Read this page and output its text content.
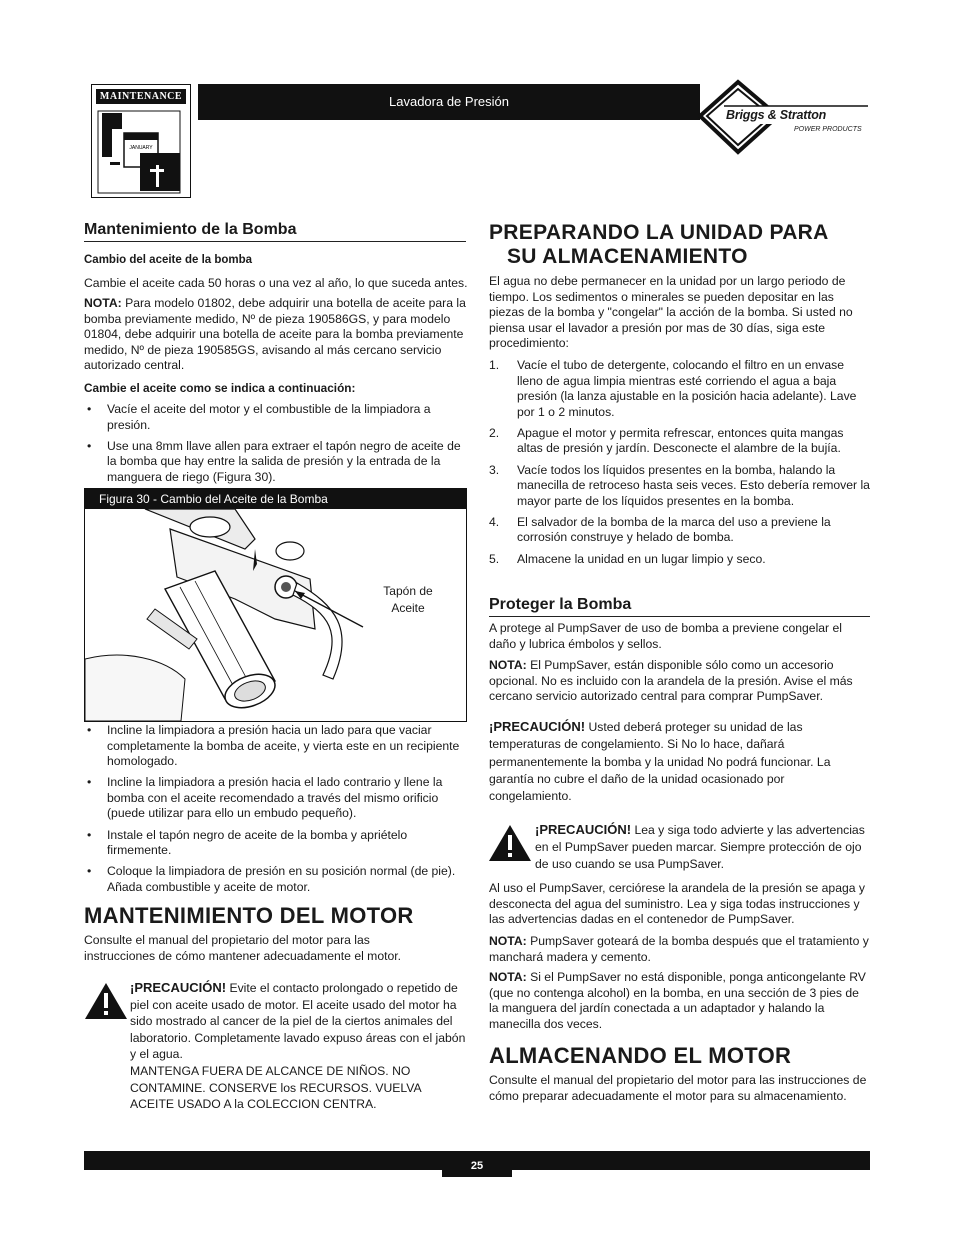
MAINTENANCE
JANUARY
Lavadora de Presión
Briggs & Stratton
POWER PRODUCTS
Mantenimiento de la Bomba
Cambio del aceite de la bomba

Cambie el aceite cada 50 horas o una vez al año, lo que suceda antes.

NOTA: Para modelo 01802, debe adquirir una botella de aceite para la bomba previamente medido, Nº de pieza 190586GS, y para modelo 01804, debe adquirir una botella de aceite para la bomba previamente medido, Nº de pieza 190585GS, avisando al más cercano servicio autorizado central.

Cambie el aceite como se indica a continuación:
• Vacíe el aceite del motor y el combustible de la limpiadora a presión.
• Use una 8mm llave allen para extraer el tapón negro de aceite de la bomba que hay entre la salida de presión y la entrada de la manguera de riego (Figura 30).
Figura 30 - Cambio del Aceite de la Bomba
Tapón de
Aceite
• Incline la limpiadora a presión hacia un lado para que vaciar completamente la bomba de aceite, y vierta este en un recipiente homologado.
• Incline la limpiadora a presión hacia el lado contrario y llene la bomba con el aceite recomendado a través del mismo orificio (puede utilizar para ello un embudo pequeño).
• Instale el tapón negro de aceite de la bomba y apriételo firmemente.
• Coloque la limpiadora de presión en su posición normal (de pie). Añada combustible y aceite de motor.
MANTENIMIENTO DEL MOTOR

Consulte el manual del propietario del motor para las instrucciones de cómo mantener adecuadamente el motor.

¡PRECAUCIÓN! Evite el contacto prolongado o repetido de piel con aceite usado de motor. El aceite usado del motor ha sido mostrado al cancer de la piel de la ciertos animales del laboratorio. Completamente lavado expuso áreas con el jabón y el agua.
MANTENGA FUERA DE ALCANCE DE NIÑOS. NO CONTAMINE. CONSERVE los RECURSOS. VUELVA ACEITE USADO A la COLECCION CENTRA.

PREPARANDO LA UNIDAD PARA
SU ALMACENAMIENTO

El agua no debe permanecer en la unidad por un largo periodo de tiempo. Los sedimentos o minerales se pueden depositar en las piezas de la bomba y "congelar" la acción de la bomba. Si usted no piensa usar el lavador a presión por mas de 30 días, siga este procedimiento:

1. Vacíe el tubo de detergente, colocando el filtro en un envase lleno de agua limpia mientras esté corriendo el agua a baja presión (la lanza ajustable en la posición hacia adelante). Lave por 1 o 2 minutos.
2. Apague el motor y permita refrescar, entonces quita mangas altas de presión y jardín. Desconecte el alambre de la bujía.
3. Vacíe todos los líquidos presentes en la bomba, halando la manecilla de retroceso hasta seis veces. Esto debería remover la mayor parte de los líquidos presentes en la bomba.
4. El salvador de la bomba de la marca del uso a previene la corrosión construye y helado de bomba.
5. Almacene la unidad en un lugar limpio y seco.
Proteger la Bomba

A protege al PumpSaver de uso de bomba a previene congelar el daño y lubrica émbolos y sellos.

NOTA: El PumpSaver, están disponible sólo como un accesorio opcional. No es incluido con la arandela de la presión. Avise el más cercano servicio autorizado central para comprar PumpSaver.

¡PRECAUCIÓN! Usted deberá proteger su unidad de las temperaturas de congelamiento. Si No lo hace, dañará permanentemente la bomba y la unidad No podrá funcionar. La garantía no cubre el daño de la unidad ocasionado por congelamiento.

¡PRECAUCIÓN! Lea y siga todo advierte y las advertencias en el PumpSaver pueden marcar. Siempre protección de ojo de uso cuando se usa PumpSaver.

Al uso el PumpSaver, cerciórese la arandela de la presión se apaga y desconecta del agua del suministro. Lea y siga todas instrucciones y las advertencias dadas en el contenedor de PumpSaver.

NOTA: PumpSaver goteará de la bomba después que el tratamiento y manchará madera y cemento.

NOTA: Si el PumpSaver no está disponible, ponga anticongelante RV (que no contenga alcohol) en la bomba, en una sección de 3 pies de la manguera del jardín conectada a un adaptador y halando la manecilla dos veces.

ALMACENANDO EL MOTOR

Consulte el manual del propietario del motor para las instrucciones de cómo preparar adecuadamente el motor para su almacenamiento.

25
